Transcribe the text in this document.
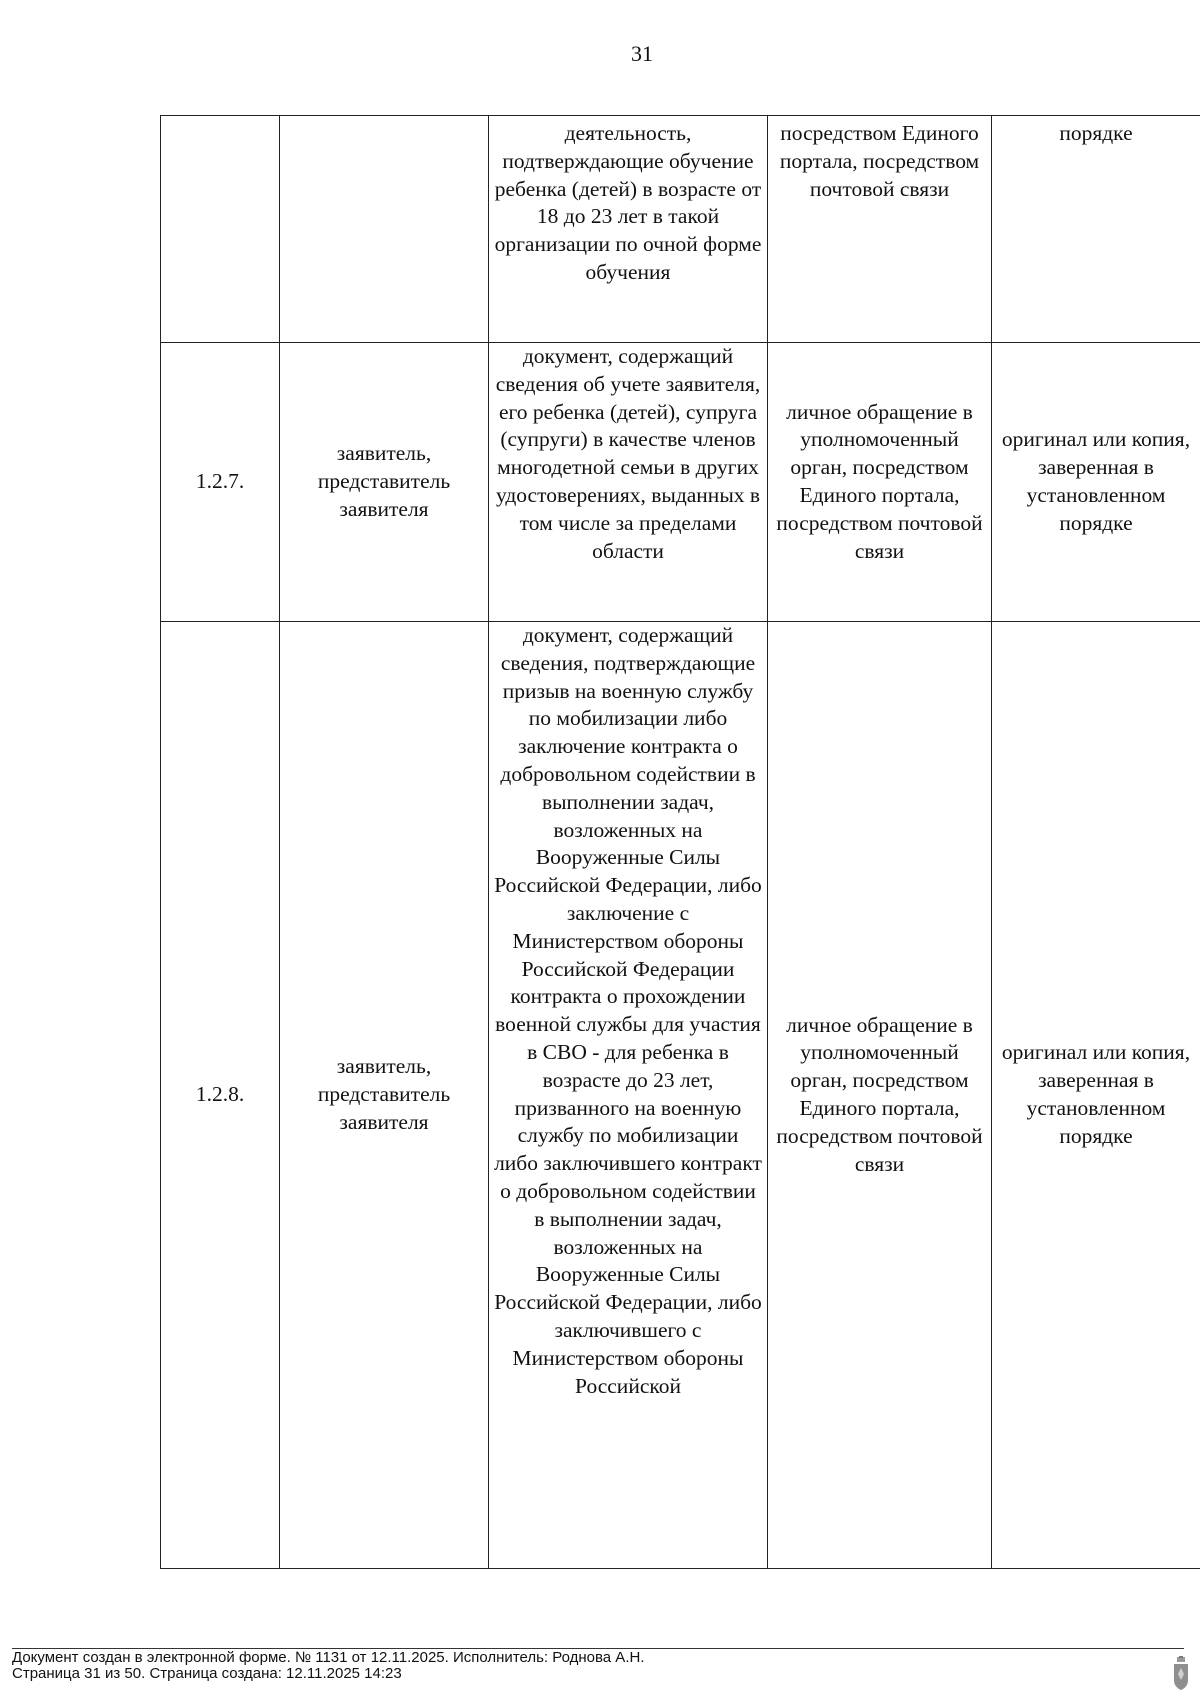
31
		деятельность, подтверждающие обучение ребенка (детей) в возрасте от 18 до 23 лет в такой организации по очной форме обучения	посредством Единого портала, посредством почтовой связи	порядке
1.2.7.	заявитель, представитель заявителя	документ, содержащий сведения об учете заявителя, его ребенка (детей), супруга (супруги) в качестве членов многодетной семьи в других удостоверениях, выданных в том числе за пределами области	личное обращение в уполномоченный орган, посредством Единого портала, посредством почтовой связи	оригинал или копия, заверенная в установленном порядке
1.2.8.	заявитель, представитель заявителя	документ, содержащий сведения, подтверждающие призыв на военную службу по мобилизации либо заключение контракта о добровольном содействии в выполнении задач, возложенных на Вооруженные Силы Российской Федерации, либо заключение с Министерством обороны Российской Федерации контракта о прохождении военной службы для участия в СВО - для ребенка в возрасте до 23 лет, призванного на военную службу по мобилизации либо заключившего контракт о добровольном содействии в выполнении задач, возложенных на Вооруженные Силы Российской Федерации, либо заключившего с Министерством обороны Российской	личное обращение в уполномоченный орган, посредством Единого портала, посредством почтовой связи	оригинал или копия, заверенная в установленном порядке
Документ создан в электронной форме. № 1131 от 12.11.2025. Исполнитель: Роднова А.Н.
Страница 31 из 50. Страница создана: 12.11.2025 14:23
